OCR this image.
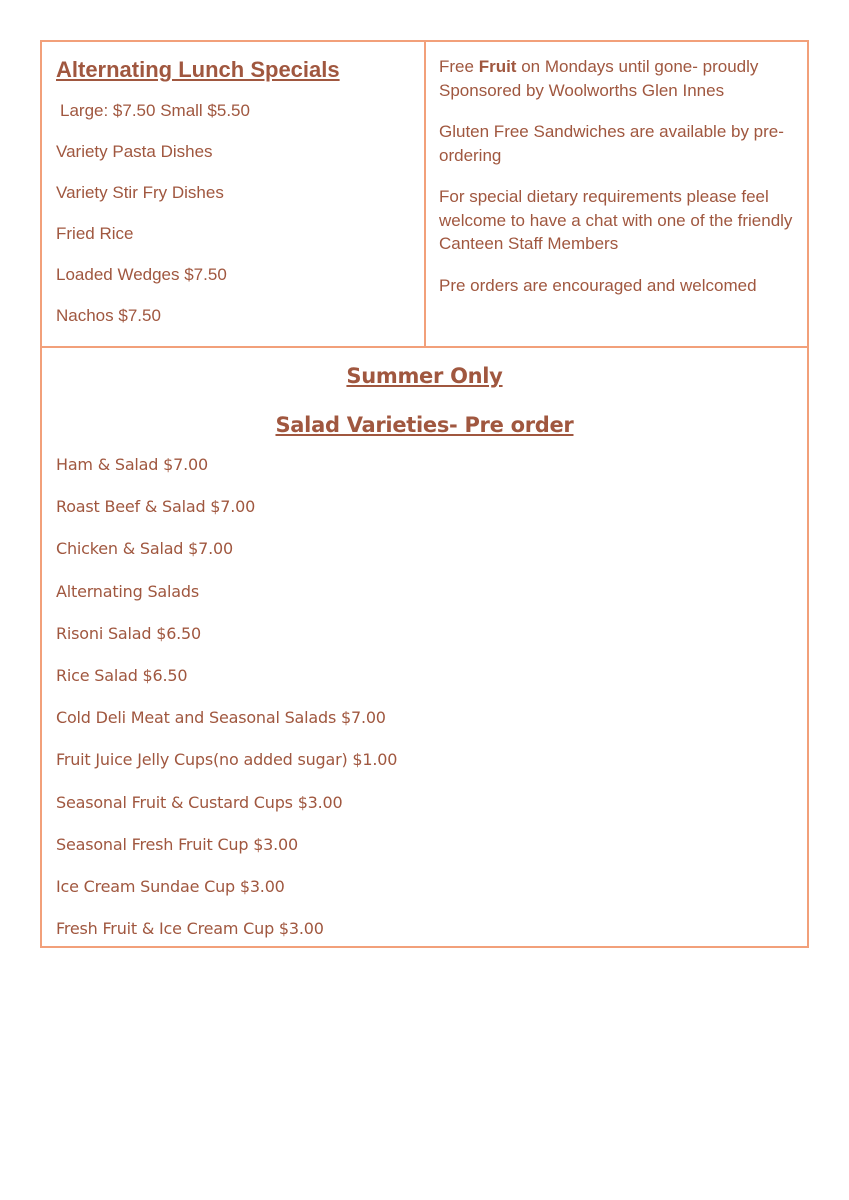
Alternating Lunch Specials
Large: $7.50 Small $5.50
Variety Pasta Dishes
Variety Stir Fry Dishes
Fried Rice
Loaded Wedges $7.50
Nachos $7.50
Free Fruit on Mondays until gone- proudly Sponsored by Woolworths Glen Innes
Gluten Free Sandwiches are available by pre-ordering
For special dietary requirements please feel welcome to have a chat with one of the friendly Canteen Staff Members
Pre orders are encouraged and welcomed
Summer Only
Salad Varieties- Pre order
Ham & Salad $7.00
Roast Beef & Salad $7.00
Chicken & Salad $7.00
Alternating Salads
Risoni Salad $6.50
Rice Salad $6.50
Cold Deli Meat and Seasonal Salads $7.00
Fruit Juice Jelly Cups(no added sugar) $1.00
Seasonal Fruit & Custard Cups $3.00
Seasonal Fresh Fruit Cup $3.00
Ice Cream Sundae Cup $3.00
Fresh Fruit & Ice Cream Cup $3.00
